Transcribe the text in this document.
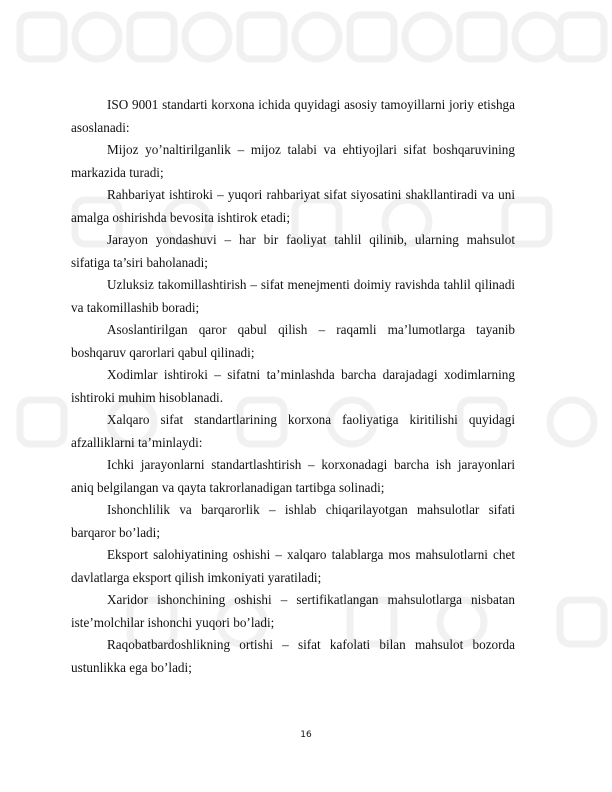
ISO 9001 standarti korxona ichida quyidagi asosiy tamoyillarni joriy etishga asoslanadi:

Mijoz yo’naltirilganlik – mijoz talabi va ehtiyojlari sifat boshqaruvining markazida turadi;

Rahbariyat ishtiroki – yuqori rahbariyat sifat siyosatini shakllantiradi va uni amalga oshirishda bevosita ishtirok etadi;

Jarayon yondashuvi – har bir faoliyat tahlil qilinib, ularning mahsulot sifatiga ta’siri baholanadi;

Uzluksiz takomillashtirish – sifat menejmenti doimiy ravishda tahlil qilinadi va takomillashib boradi;

Asoslantirilgan qaror qabul qilish – raqamli ma’lumotlarga tayanib boshqaruv qarorlari qabul qilinadi;

Xodimlar ishtiroki – sifatni ta’minlashda barcha darajadagi xodimlarning ishtiroki muhim hisoblanadi.

Xalqaro sifat standartlarining korxona faoliyatiga kiritilishi quyidagi afzalliklarni ta’minlaydi:

Ichki jarayonlarni standartlashtirish – korxonadagi barcha ish jarayonlari aniq belgilangan va qayta takrorlanadigan tartibga solinadi;

Ishonchlilik va barqarorlik – ishlab chiqarilayotgan mahsulotlar sifati barqaror bo’ladi;

Eksport salohiyatining oshishi – xalqaro talablarga mos mahsulotlarni chet davlatlarga eksport qilish imkoniyati yaratiladi;

Xaridor ishonchining oshishi – sertifikatlangan mahsulotlarga nisbatan iste’molchilar ishonchi yuqori bo’ladi;

Raqobatbardoshlikning ortishi – sifat kafolati bilan mahsulot bozorda ustunlikka ega bo’ladi;

16
